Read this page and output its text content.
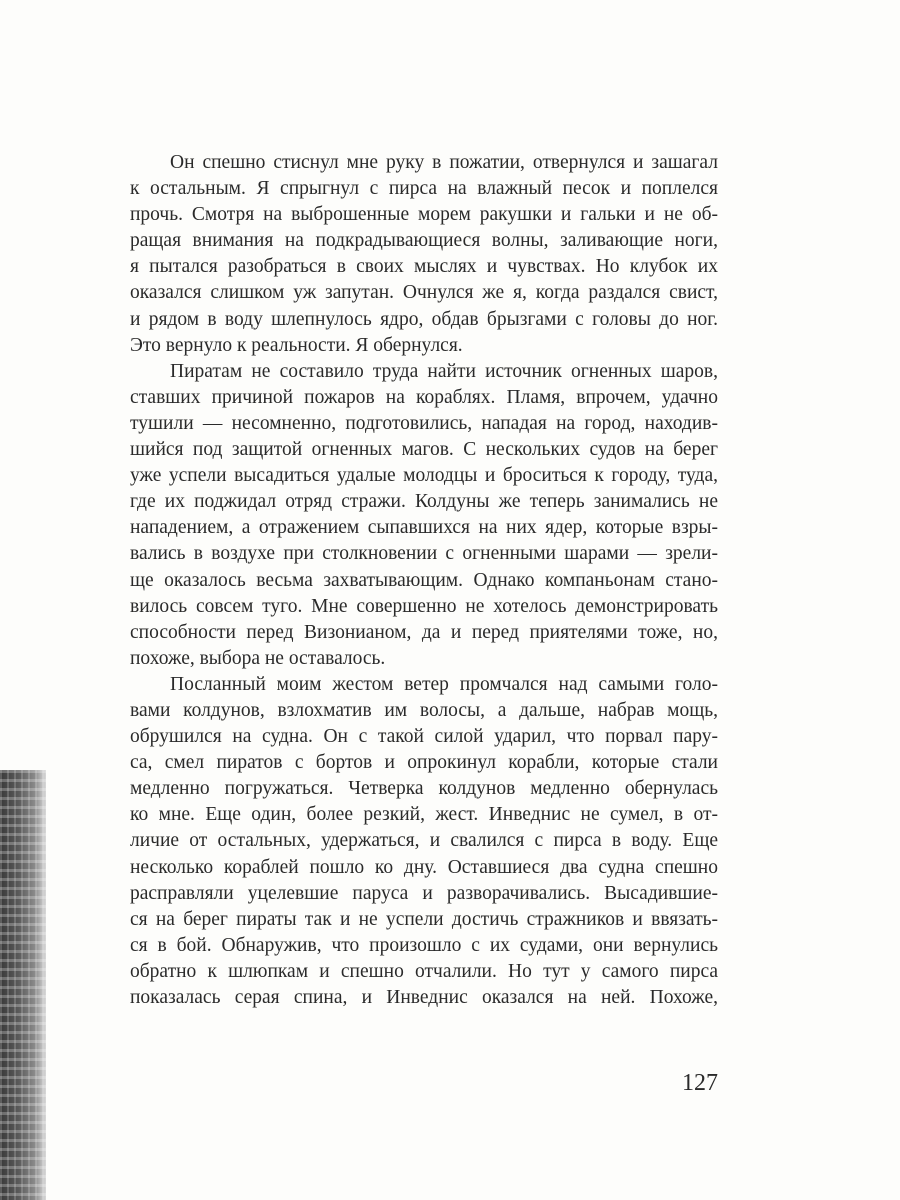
Он спешно стиснул мне руку в пожатии, отвернулся и зашагал
к остальным. Я спрыгнул с пирса на влажный песок и поплелся
прочь. Смотря на выброшенные морем ракушки и гальки и не об-
ращая внимания на подкрадывающиеся волны, заливающие ноги,
я пытался разобраться в своих мыслях и чувствах. Но клубок их
оказался слишком уж запутан. Очнулся же я, когда раздался свист,
и рядом в воду шлепнулось ядро, обдав брызгами с головы до ног.
Это вернуло к реальности. Я обернулся.
Пиратам не составило труда найти источник огненных шаров,
ставших причиной пожаров на кораблях. Пламя, впрочем, удачно
тушили — несомненно, подготовились, нападая на город, находив-
шийся под защитой огненных магов. С нескольких судов на берег
уже успели высадиться удалые молодцы и броситься к городу, туда,
где их поджидал отряд стражи. Колдуны же теперь занимались не
нападением, а отражением сыпавшихся на них ядер, которые взры-
вались в воздухе при столкновении с огненными шарами — зрели-
ще оказалось весьма захватывающим. Однако компаньонам стано-
вилось совсем туго. Мне совершенно не хотелось демонстрировать
способности перед Визонианом, да и перед приятелями тоже, но,
похоже, выбора не оставалось.
Посланный моим жестом ветер промчался над самыми голо-
вами колдунов, взлохматив им волосы, а дальше, набрав мощь,
обрушился на судна. Он с такой силой ударил, что порвал пару-
са, смел пиратов с бортов и опрокинул корабли, которые стали
медленно погружаться. Четверка колдунов медленно обернулась
ко мне. Еще один, более резкий, жест. Инведнис не сумел, в от-
личие от остальных, удержаться, и свалился с пирса в воду. Еще
несколько кораблей пошло ко дну. Оставшиеся два судна спешно
расправляли уцелевшие паруса и разворачивались. Высадившие-
ся на берег пираты так и не успели достичь стражников и ввязать-
ся в бой. Обнаружив, что произошло с их судами, они вернулись
обратно к шлюпкам и спешно отчалили. Но тут у самого пирса
показалась серая спина, и Инведнис оказался на ней. Похоже,
127
